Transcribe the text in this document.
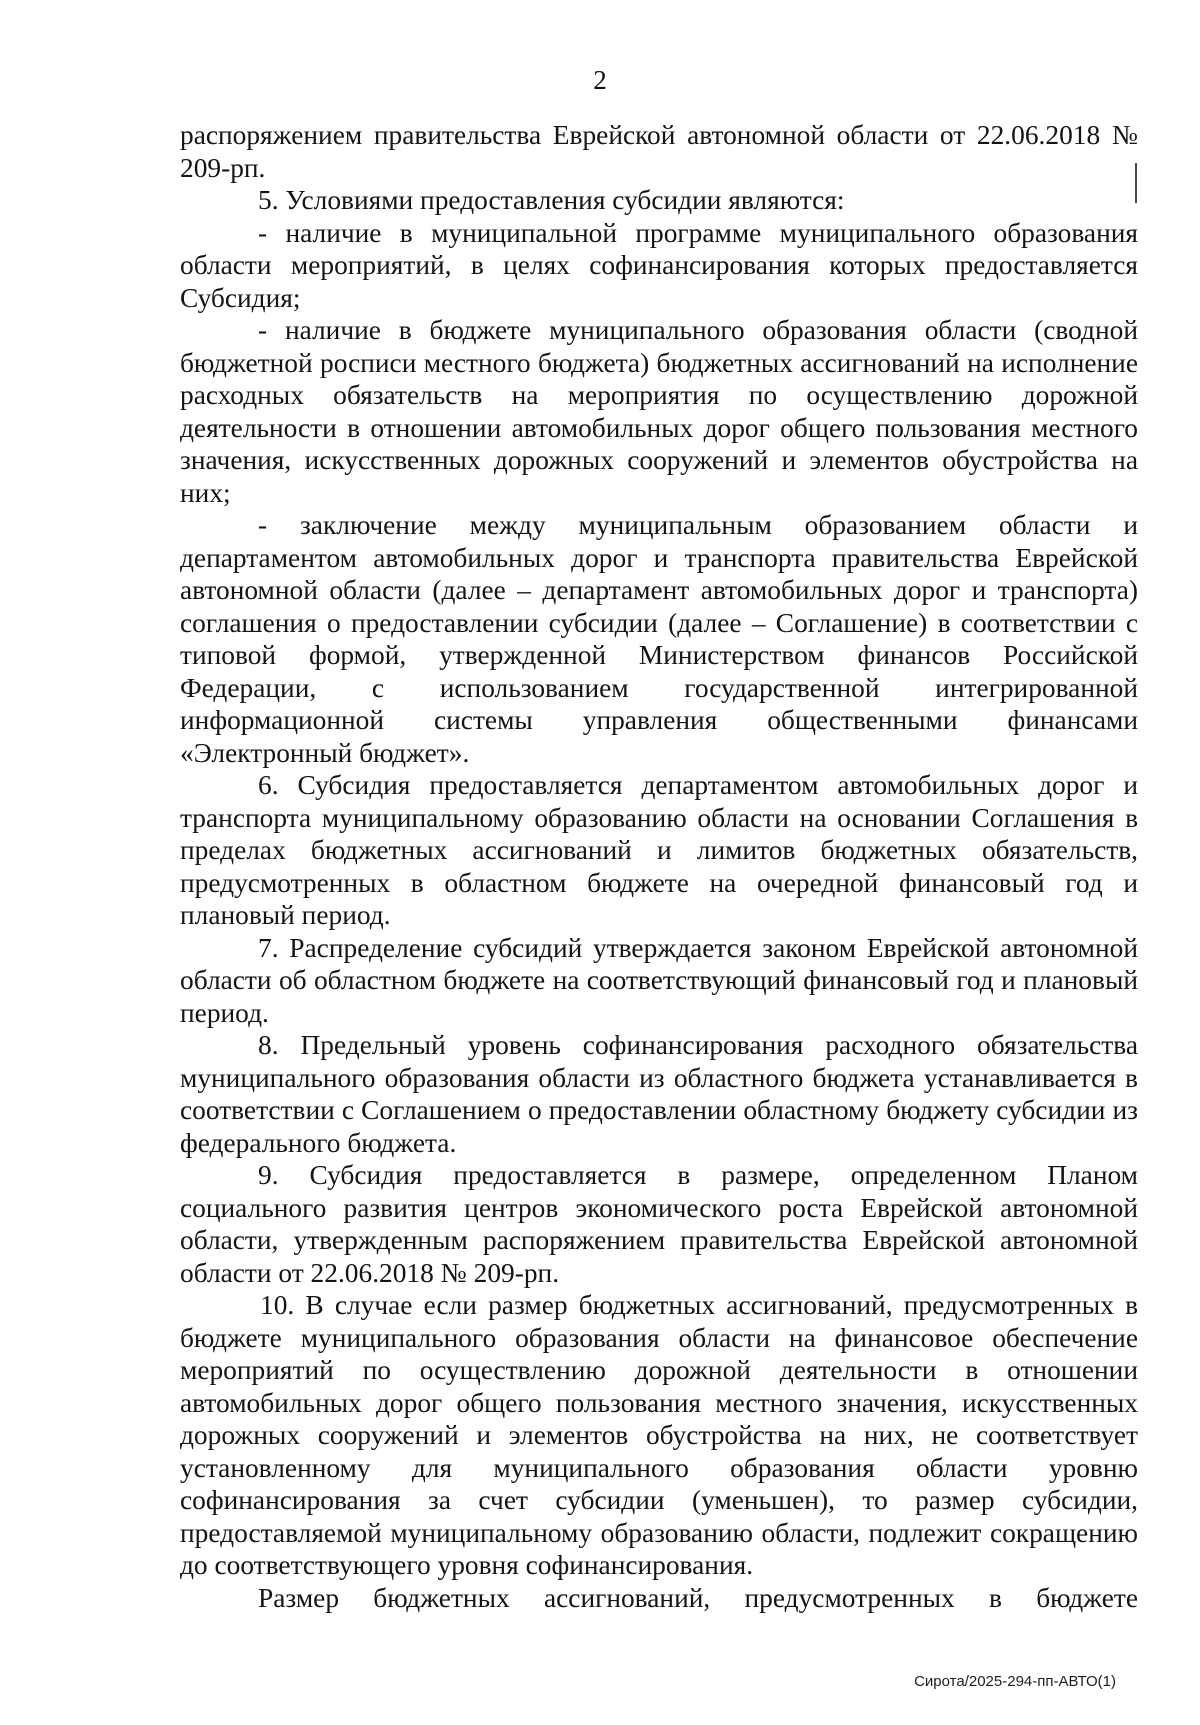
2

распоряжением правительства Еврейской автономной области от 22.06.2018 № 209-рп.

5. Условиями предоставления субсидии являются:

- наличие в муниципальной программе муниципального образования области мероприятий, в целях софинансирования которых предоставляется Субсидия;

- наличие в бюджете муниципального образования области (сводной бюджетной росписи местного бюджета) бюджетных ассигнований на исполнение расходных обязательств на мероприятия по осуществлению дорожной деятельности в отношении автомобильных дорог общего пользования местного значения, искусственных дорожных сооружений и элементов обустройства на них;

- заключение между муниципальным образованием области и департаментом автомобильных дорог и транспорта правительства Еврейской автономной области (далее – департамент автомобильных дорог и транспорта) соглашения о предоставлении субсидии (далее – Соглашение) в соответствии с типовой формой, утвержденной Министерством финансов Российской Федерации, с использованием государственной интегрированной информационной системы управления общественными финансами «Электронный бюджет».

6. Субсидия предоставляется департаментом автомобильных дорог и транспорта муниципальному образованию области на основании Соглашения в пределах бюджетных ассигнований и лимитов бюджетных обязательств, предусмотренных в областном бюджете на очередной финансовый год и плановый период.

7. Распределение субсидий утверждается законом Еврейской автономной области об областном бюджете на соответствующий финансовый год и плановый период.

8. Предельный уровень софинансирования расходного обязательства муниципального образования области из областного бюджета устанавливается в соответствии с Соглашением о предоставлении областному бюджету субсидии из федерального бюджета.

9. Субсидия предоставляется в размере, определенном Планом социального развития центров экономического роста Еврейской автономной области, утвержденным распоряжением правительства Еврейской автономной области от 22.06.2018 № 209-рп.

10. В случае если размер бюджетных ассигнований, предусмотренных в бюджете муниципального образования области на финансовое обеспечение мероприятий по осуществлению дорожной деятельности в отношении автомобильных дорог общего пользования местного значения, искусственных дорожных сооружений и элементов обустройства на них, не соответствует установленному для муниципального образования области уровню софинансирования за счет субсидии (уменьшен), то размер субсидии, предоставляемой муниципальному образованию области, подлежит сокращению до соответствующего уровня софинансирования.

Размер бюджетных ассигнований, предусмотренных в бюджете

Сирота/2025-294-пп-АВТО(1)
